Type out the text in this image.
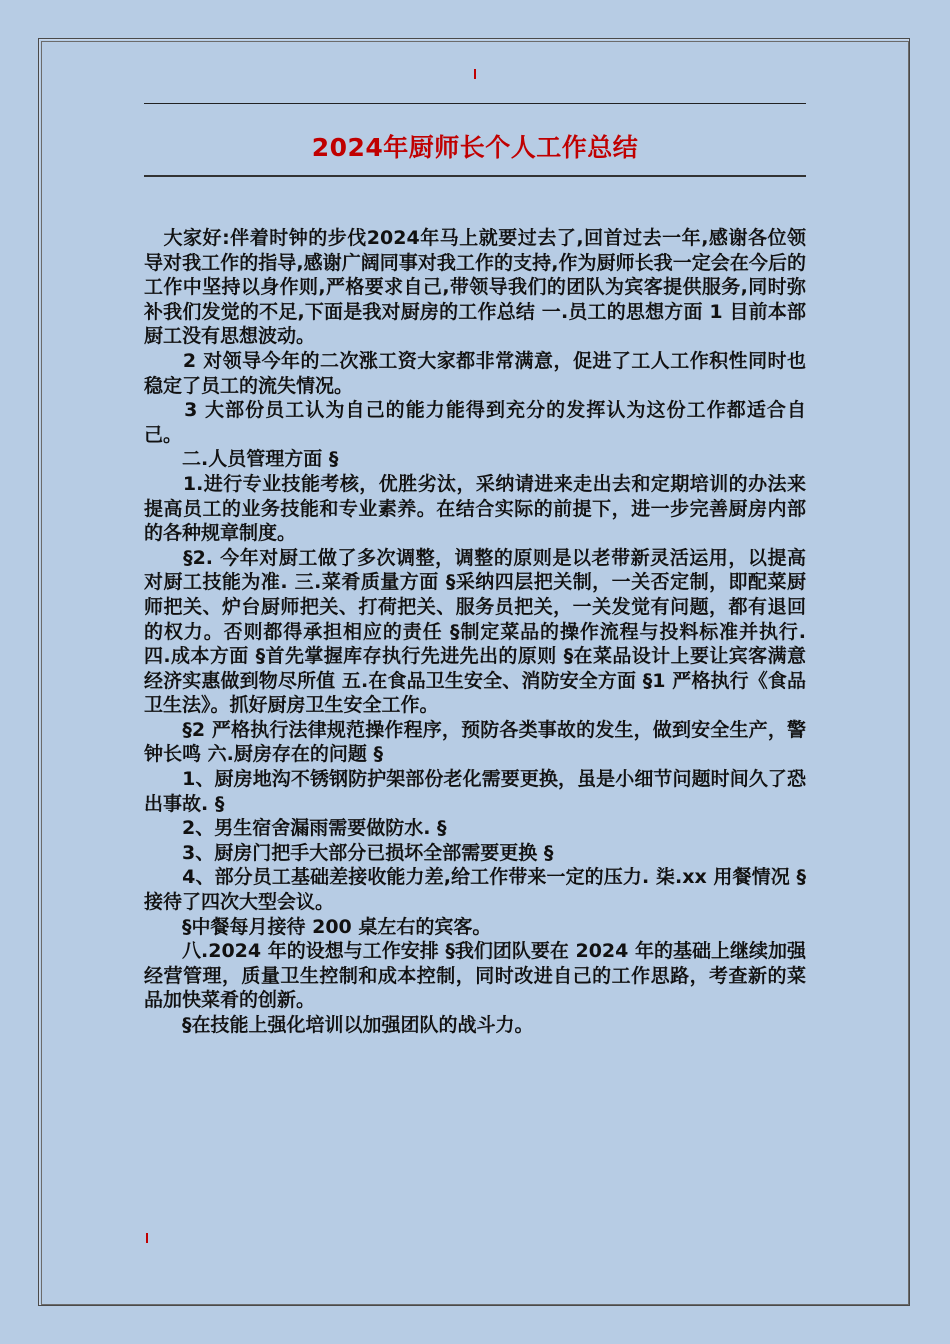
2024年厨师长个人工作总结

　大家好:伴着时钟的步伐2024年马上就要过去了,回首过去一年,感谢各位领导对我工作的指导,感谢广阔同事对我工作的支持,作为厨师长我一定会在今后的工作中坚持以身作则,严格要求自己,带领导我们的团队为宾客提供服务,同时弥补我们发觉的不足,下面是我对厨房的工作总结 一.员工的思想方面 1 目前本部厨工没有思想波动。

　　2 对领导今年的二次涨工资大家都非常满意，促进了工人工作积性同时也稳定了员工的流失情况。

　　3 大部份员工认为自己的能力能得到充分的发挥认为这份工作都适合自己。

　　二.人员管理方面 §

　　1.进行专业技能考核，优胜劣汰，采纳请进来走出去和定期培训的办法来提高员工的业务技能和专业素养。在结合实际的前提下，进一步完善厨房内部的各种规章制度。

　　§2. 今年对厨工做了多次调整，调整的原则是以老带新灵活运用，以提高对厨工技能为准. 三.菜肴质量方面 §采纳四层把关制，一关否定制，即配菜厨师把关、炉台厨师把关、打荷把关、服务员把关，一关发觉有问题，都有退回的权力。否则都得承担相应的责任 §制定菜品的操作流程与投料标准并执行. 四.成本方面 §首先掌握库存执行先进先出的原则 §在菜品设计上要让宾客满意经济实惠做到物尽所值 五.在食品卫生安全、消防安全方面 §1 严格执行《食品卫生法》。抓好厨房卫生安全工作。

　　§2 严格执行法律规范操作程序，预防各类事故的发生，做到安全生产，警钟长鸣 六.厨房存在的问题 §

　　1、厨房地沟不锈钢防护架部份老化需要更换，虽是小细节问题时间久了恐出事故. §

　　2、男生宿舍漏雨需要做防水. §

　　3、厨房门把手大部分已损坏全部需要更换 §

　　4、部分员工基础差接收能力差,给工作带来一定的压力. 柒.xx 用餐情况 §接待了四次大型会议。

　　§中餐每月接待 200 桌左右的宾客。

　　八.2024 年的设想与工作安排 §我们团队要在 2024 年的基础上继续加强经营管理，质量卫生控制和成本控制，同时改进自己的工作思路，考查新的菜品加快菜肴的创新。

　　§在技能上强化培训以加强团队的战斗力。
